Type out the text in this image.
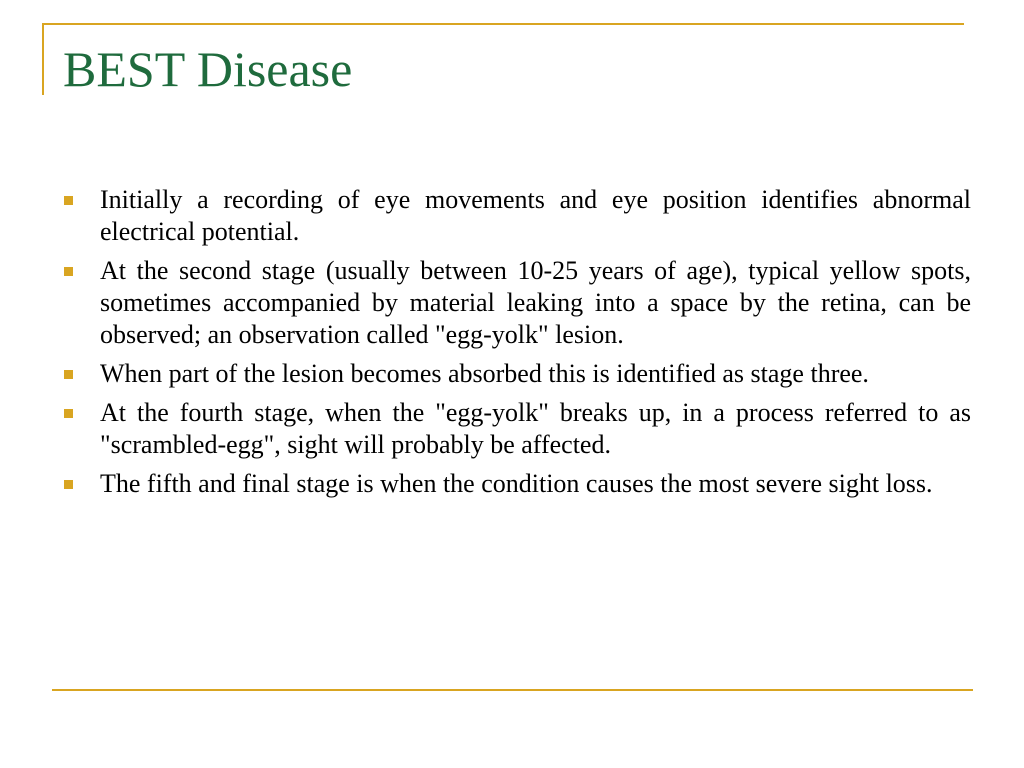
BEST Disease
Initially a recording of eye movements and eye position identifies abnormal electrical potential.
At the second stage (usually between 10-25 years of age), typical yellow spots, sometimes accompanied by material leaking into a space by the retina, can be observed; an observation called "egg-yolk" lesion.
When part of the lesion becomes absorbed this is identified as stage three.
At the fourth stage, when the "egg-yolk" breaks up, in a process referred to as "scrambled-egg", sight will probably be affected.
The fifth and final stage is when the condition causes the most severe sight loss.
